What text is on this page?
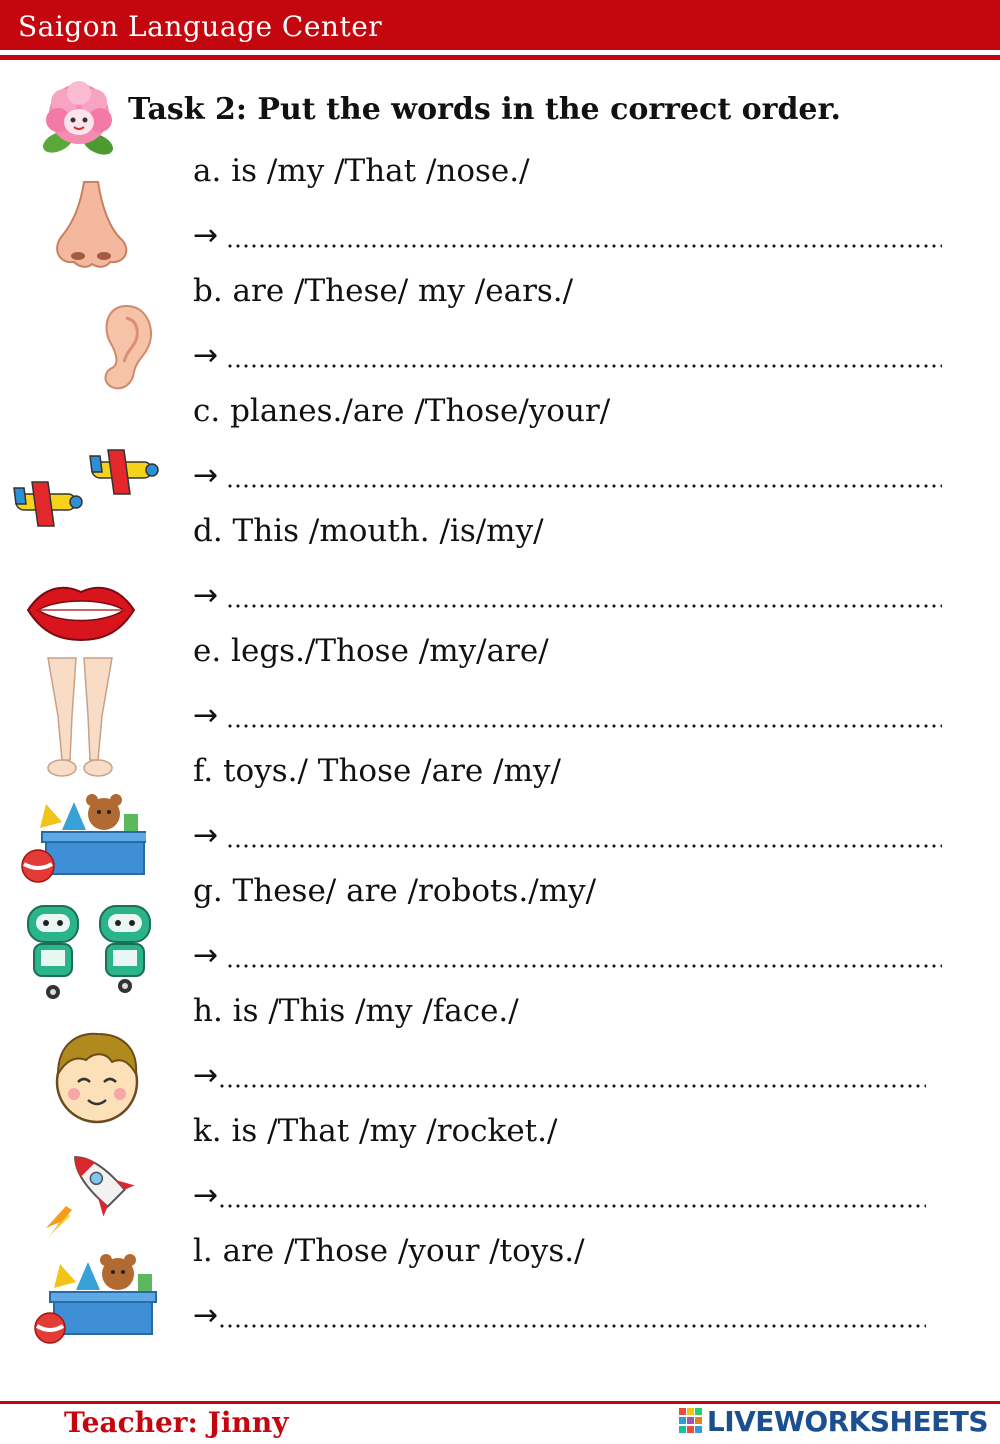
Saigon Language Center
Task 2: Put the words in the correct order.
a. is /my /That /nose./
→
b. are /These/ my /ears./
→
c. planes./are /Those/your/
→
d. This /mouth. /is/my/
→
e. legs./Those /my/are/
→
f. toys./ Those /are /my/
→
g. These/ are /robots./my/
→
h. is /This /my /face./
→
k. is /That /my /rocket./
→
l. are /Those /your /toys./
→
Teacher: Jinny	LIVEWORKSHEETS
